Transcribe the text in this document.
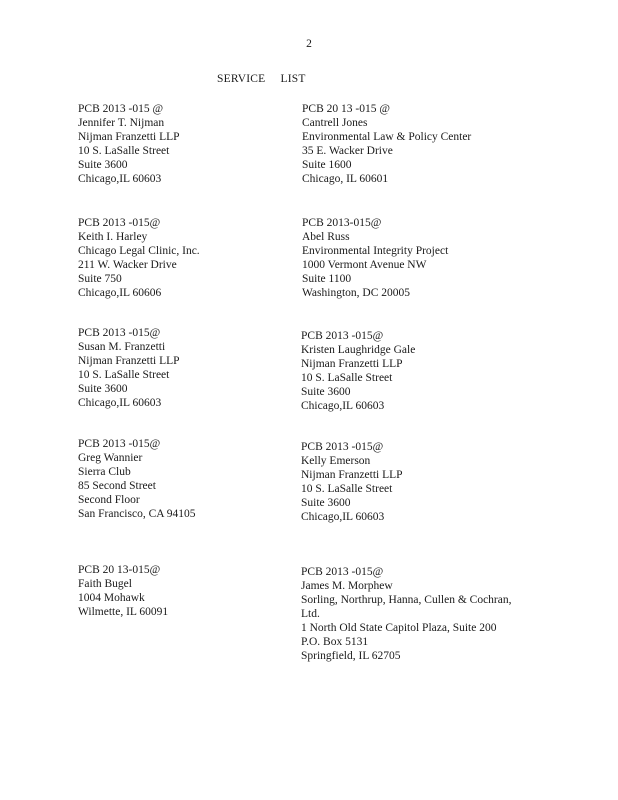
2
SERVICE LIST
PCB 2013 -015 @
Jennifer T. Nijman
Nijman Franzetti LLP
10 S. LaSalle Street
Suite 3600
Chicago,IL 60603
PCB 20 13 -015 @
Cantrell Jones
Environmental Law & Policy Center
35 E. Wacker Drive
Suite 1600
Chicago, IL 60601
PCB 2013 -015@
Keith I. Harley
Chicago Legal Clinic, Inc.
211 W. Wacker Drive
Suite 750
Chicago,IL 60606
PCB 2013-015@
Abel Russ
Environmental Integrity Project
1000 Vermont Avenue NW
Suite 1100
Washington, DC 20005
PCB 2013 -015@
Susan M. Franzetti
Nijman Franzetti LLP
10 S. LaSalle Street
Suite 3600
Chicago,IL 60603
PCB 2013 -015@
Kristen Laughridge Gale
Nijman Franzetti LLP
10 S. LaSalle Street
Suite 3600
Chicago,IL 60603
PCB 2013 -015@
Greg Wannier
Sierra Club
85 Second Street
Second Floor
San Francisco, CA 94105
PCB 2013 -015@
Kelly Emerson
Nijman Franzetti LLP
10 S. LaSalle Street
Suite 3600
Chicago,IL 60603
PCB 20 13-015@
Faith Bugel
1004 Mohawk
Wilmette, IL 60091
PCB 2013 -015@
James M. Morphew
Sorling, Northrup, Hanna, Cullen & Cochran, Ltd.
1 North Old State Capitol Plaza, Suite 200
P.O. Box 5131
Springfield, IL 62705
